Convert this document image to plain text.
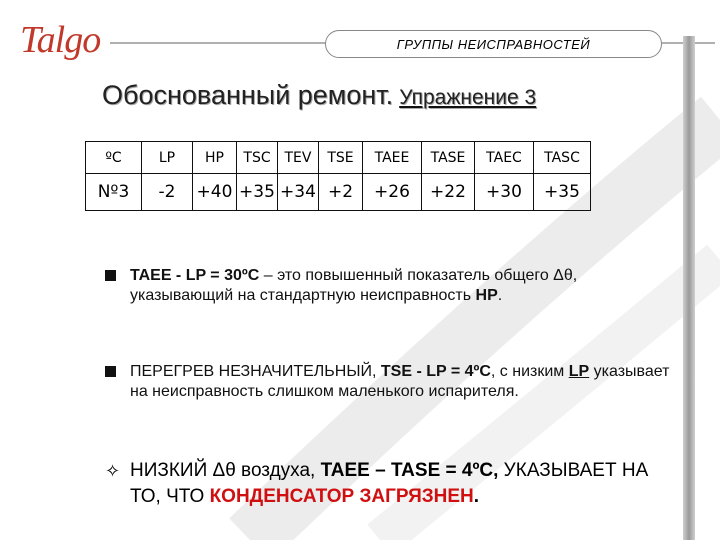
Talgo	ГРУППЫ НЕИСПРАВНОСТЕЙ
Обоснованный ремонт. Упражнение 3
ºC	LP	HP	TSC	TEV	TSE	TAEE	TASE	TAEC	TASC
Nº3	-2	+40	+35	+34	+2	+26	+22	+30	+35
TAEE - LP = 30ºC – это повышенный показатель общего Δθ, указывающий на стандартную неисправность HP.
ПЕРЕГРЕВ НЕЗНАЧИТЕЛЬНЫЙ, TSE - LP = 4ºC, с низким LP указывает на неисправность слишком маленького испарителя.
✧ НИЗКИЙ Δθ воздуха, TAEE – TASE = 4ºC, УКАЗЫВАЕТ НА ТО, ЧТО КОНДЕНСАТОР ЗАГРЯЗНЕН.
